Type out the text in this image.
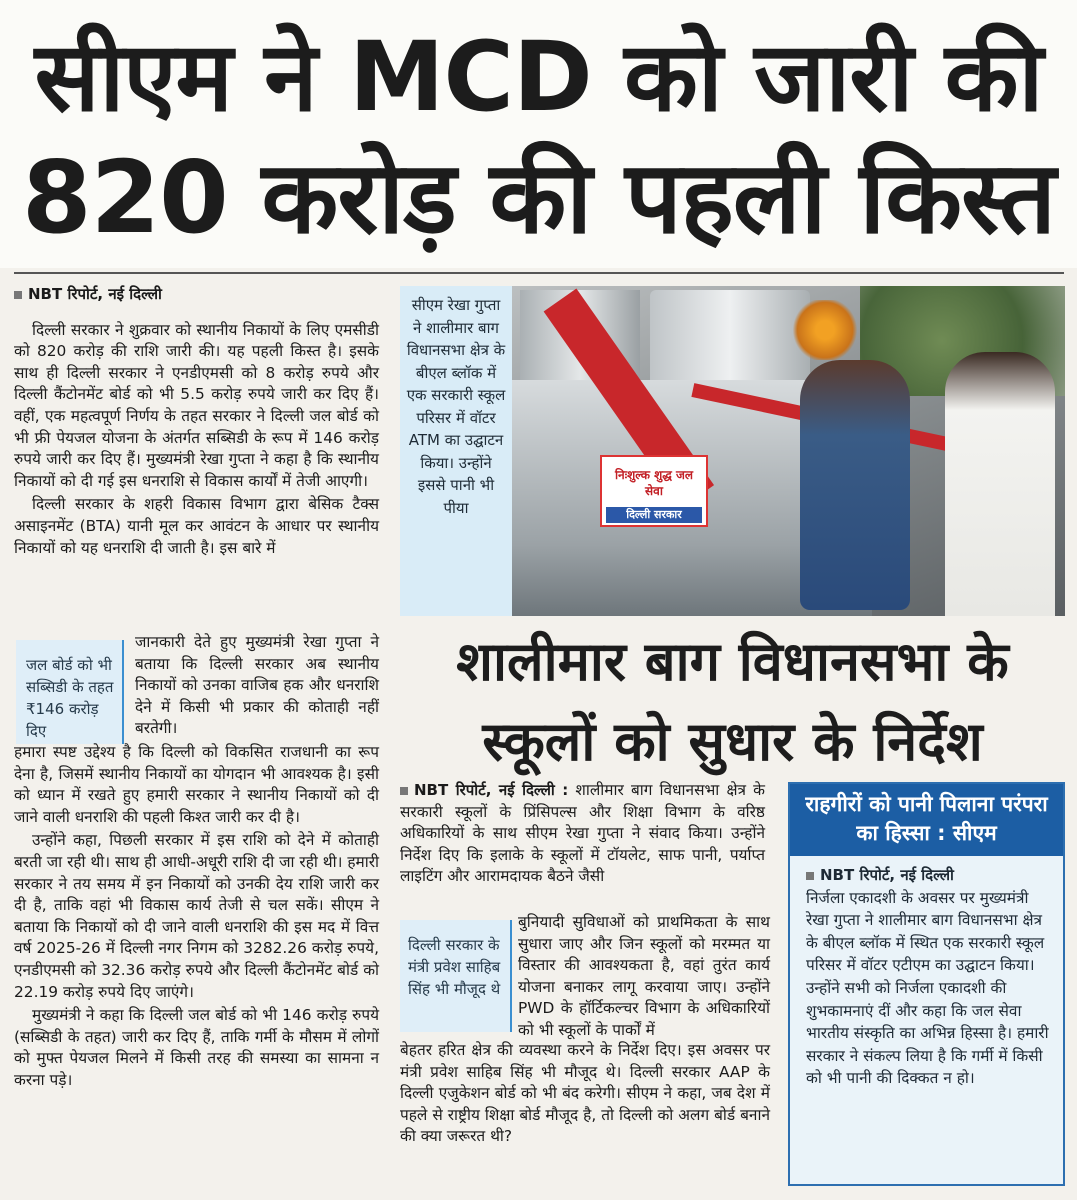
सीएम ने MCD को जारी की
820 करोड़ की पहली किस्त
NBT रिपोर्ट, नई दिल्ली

दिल्ली सरकार ने शुक्रवार को स्थानीय निकायों के लिए एमसीडी को 820 करोड़ की राशि जारी की। यह पहली किस्त है। इसके साथ ही दिल्ली सरकार ने एनडीएमसी को 8 करोड़ रुपये और दिल्ली कैंटोनमेंट बोर्ड को भी 5.5 करोड़ रुपये जारी कर दिए हैं। वहीं, एक महत्वपूर्ण निर्णय के तहत सरकार ने दिल्ली जल बोर्ड को भी फ्री पेयजल योजना के अंतर्गत सब्सिडी के रूप में 146 करोड़ रुपये जारी कर दिए हैं। मुख्यमंत्री रेखा गुप्ता ने कहा है कि स्थानीय निकायों को दी गई इस धनराशि से विकास कार्यों में तेजी आएगी।

दिल्ली सरकार के शहरी विकास विभाग द्वारा बेसिक टैक्स असाइनमेंट (BTA) यानी मूल कर आवंटन के आधार पर स्थानीय निकायों को यह धनराशि दी जाती है। इस बारे में

जल बोर्ड को भी सब्सिडी के तहत ₹146 करोड़ दिए

जानकारी देते हुए मुख्यमंत्री रेखा गुप्ता ने बताया कि दिल्ली सरकार अब स्थानीय निकायों को उनका वाजिब हक और धनराशि देने में किसी भी प्रकार की कोताही नहीं बरतेगी।

हमारा स्पष्ट उद्देश्य है कि दिल्ली को विकसित राजधानी का रूप देना है, जिसमें स्थानीय निकायों का योगदान भी आवश्यक है। इसी को ध्यान में रखते हुए हमारी सरकार ने स्थानीय निकायों को दी जाने वाली धनराशि की पहली किश्त जारी कर दी है।

उन्होंने कहा, पिछली सरकार में इस राशि को देने में कोताही बरती जा रही थी। साथ ही आधी-अधूरी राशि दी जा रही थी। हमारी सरकार ने तय समय में इन निकायों को उनकी देय राशि जारी कर दी है, ताकि वहां भी विकास कार्य तेजी से चल सकें। सीएम ने बताया कि निकायों को दी जाने वाली धनराशि की इस मद में वित्त वर्ष 2025-26 में दिल्ली नगर निगम को 3282.26 करोड़ रुपये, एनडीएमसी को 32.36 करोड़ रुपये और दिल्ली कैंटोनमेंट बोर्ड को 22.19 करोड़ रुपये दिए जाएंगे।

मुख्यमंत्री ने कहा कि दिल्ली जल बोर्ड को भी 146 करोड़ रुपये (सब्सिडी के तहत) जारी कर दिए हैं, ताकि गर्मी के मौसम में लोगों को मुफ्त पेयजल मिलने में किसी तरह की समस्या का सामना न करना पड़े।

निःशुल्क शुद्ध जल सेवा
दिल्ली सरकार
सीएम रेखा गुप्ता ने शालीमार बाग विधानसभा क्षेत्र के बीएल ब्लॉक में एक सरकारी स्कूल परिसर में वॉटर ATM का उद्घाटन किया। उन्होंने इससे पानी भी पीया
शालीमार बाग विधानसभा के स्कूलों को सुधार के निर्देश

NBT रिपोर्ट, नई दिल्ली : शालीमार बाग विधानसभा क्षेत्र के सरकारी स्कूलों के प्रिंसिपल्स और शिक्षा विभाग के वरिष्ठ अधिकारियों के साथ सीएम रेखा गुप्ता ने संवाद किया। उन्होंने निर्देश दिए कि इलाके के स्कूलों में टॉयलेट, साफ पानी, पर्याप्त लाइटिंग और आरामदायक बैठने जैसी

दिल्ली सरकार के मंत्री प्रवेश साहिब सिंह भी मौजूद थे

बुनियादी सुविधाओं को प्राथमिकता के साथ सुधारा जाए और जिन स्कूलों को मरम्मत या विस्तार की आवश्यकता है, वहां तुरंत कार्य योजना बनाकर लागू करवाया जाए। उन्होंने PWD के हॉर्टिकल्चर विभाग के अधिकारियों को भी स्कूलों के पार्कों में

बेहतर हरित क्षेत्र की व्यवस्था करने के निर्देश दिए। इस अवसर पर मंत्री प्रवेश साहिब सिंह भी मौजूद थे। दिल्ली सरकार AAP के दिल्ली एजुकेशन बोर्ड को भी बंद करेगी। सीएम ने कहा, जब देश में पहले से राष्ट्रीय शिक्षा बोर्ड मौजूद है, तो दिल्ली को अलग बोर्ड बनाने की क्या जरूरत थी?

राहगीरों को पानी पिलाना परंपरा का हिस्सा : सीएम
NBT रिपोर्ट, नई दिल्ली
निर्जला एकादशी के अवसर पर मुख्यमंत्री रेखा गुप्ता ने शालीमार बाग विधानसभा क्षेत्र के बीएल ब्लॉक में स्थित एक सरकारी स्कूल परिसर में वॉटर एटीएम का उद्घाटन किया। उन्होंने सभी को निर्जला एकादशी की शुभकामनाएं दीं और कहा कि जल सेवा भारतीय संस्कृति का अभिन्न हिस्सा है। हमारी सरकार ने संकल्प लिया है कि गर्मी में किसी को भी पानी की दिक्कत न हो।
